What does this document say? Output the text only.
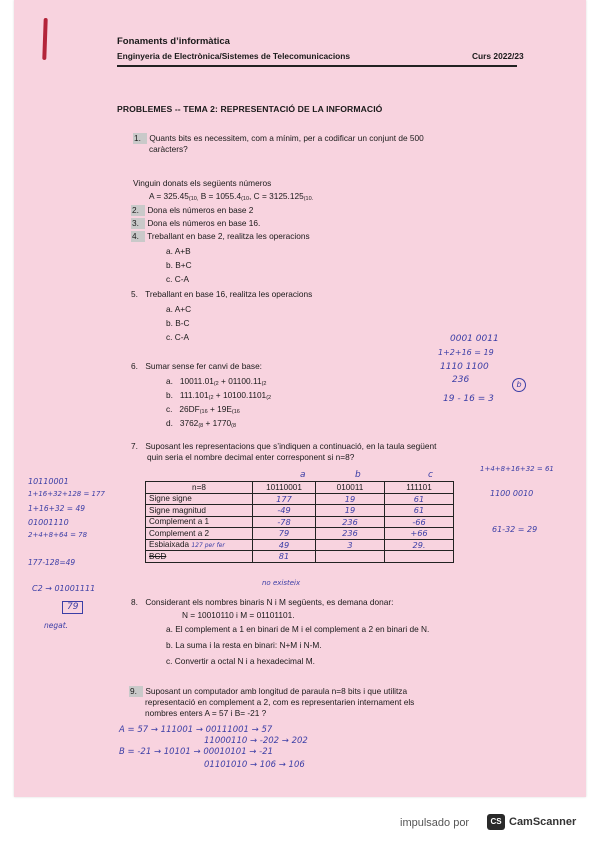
Fonaments d’informàtica
Enginyeria de Electrònica/Sistemes de Telecomunicacions	Curs 2022/23
PROBLEMES -- TEMA 2: REPRESENTACIÓ DE LA INFORMACIÓ
1. Quants bits es necessitem, com a mínim, per a codificar un conjunt de 500
caràcters?
Vinguin donats els següents números
A = 325.45(10, B = 1055.4(10, C = 3125.125(10.
2. Dona els números en base 2
3. Dona els números en base 16.
4. Treballant en base 2, realitza les operacions
a. A+B
b. B+C
c. C-A
5. Treballant en base 16, realitza les operacions
a. A+C
b. B-C
c. C-A
6. Sumar sense fer canvi de base:
a. 10011.01(2 + 01100.11(2
b. 111.101(2 + 10100.1101(2
c. 26DF(16 + 19E(16
d. 3762(8 + 1770(8
0001 0011
1+2+16 = 19
1110 1100
236
19 - 16 = 3
b
7. Suposant les representacions que s’indiquen a continuació, en la taula següent
quin seria el nombre decimal enter corresponent si n=8?
a	b	c
n=8	10110001	010011	111101
Signe signe	177	19	61
Signe magnitud	-49	19	61
Complement a 1	-78	236	-66
Complement a 2	79	236	+66
Esbiaixada 127 per fer	49	3	29.
BCD	81		
no existeix
10110001
1+16+32+128 = 177
1+16+32 = 49
01001110
2+4+8+64 = 78
177-128=49
C2 → 01001111
79
negat.
1+4+8+16+32 = 61
1100 0010
61-32 = 29
8. Considerant els nombres binaris N i M següents, es demana donar:
N = 10010110 i M = 01101101.
a. El complement a 1 en binari de M i el complement a 2 en binari de N.
b. La suma i la resta en binari: N+M i N-M.
c. Convertir a octal N i a hexadecimal M.
9. Suposant un computador amb longitud de paraula n=8 bits i que utilitza
representació en complement a 2, com es representarien internament els
nombres enters A = 57 i B= -21 ?
A = 57 → 111001 → 00111001 → 57
11000110 → -202 → 202
B = -21 → 10101 → 00010101 → -21
01101010 → 106 → 106
impulsado por	CS CamScanner
